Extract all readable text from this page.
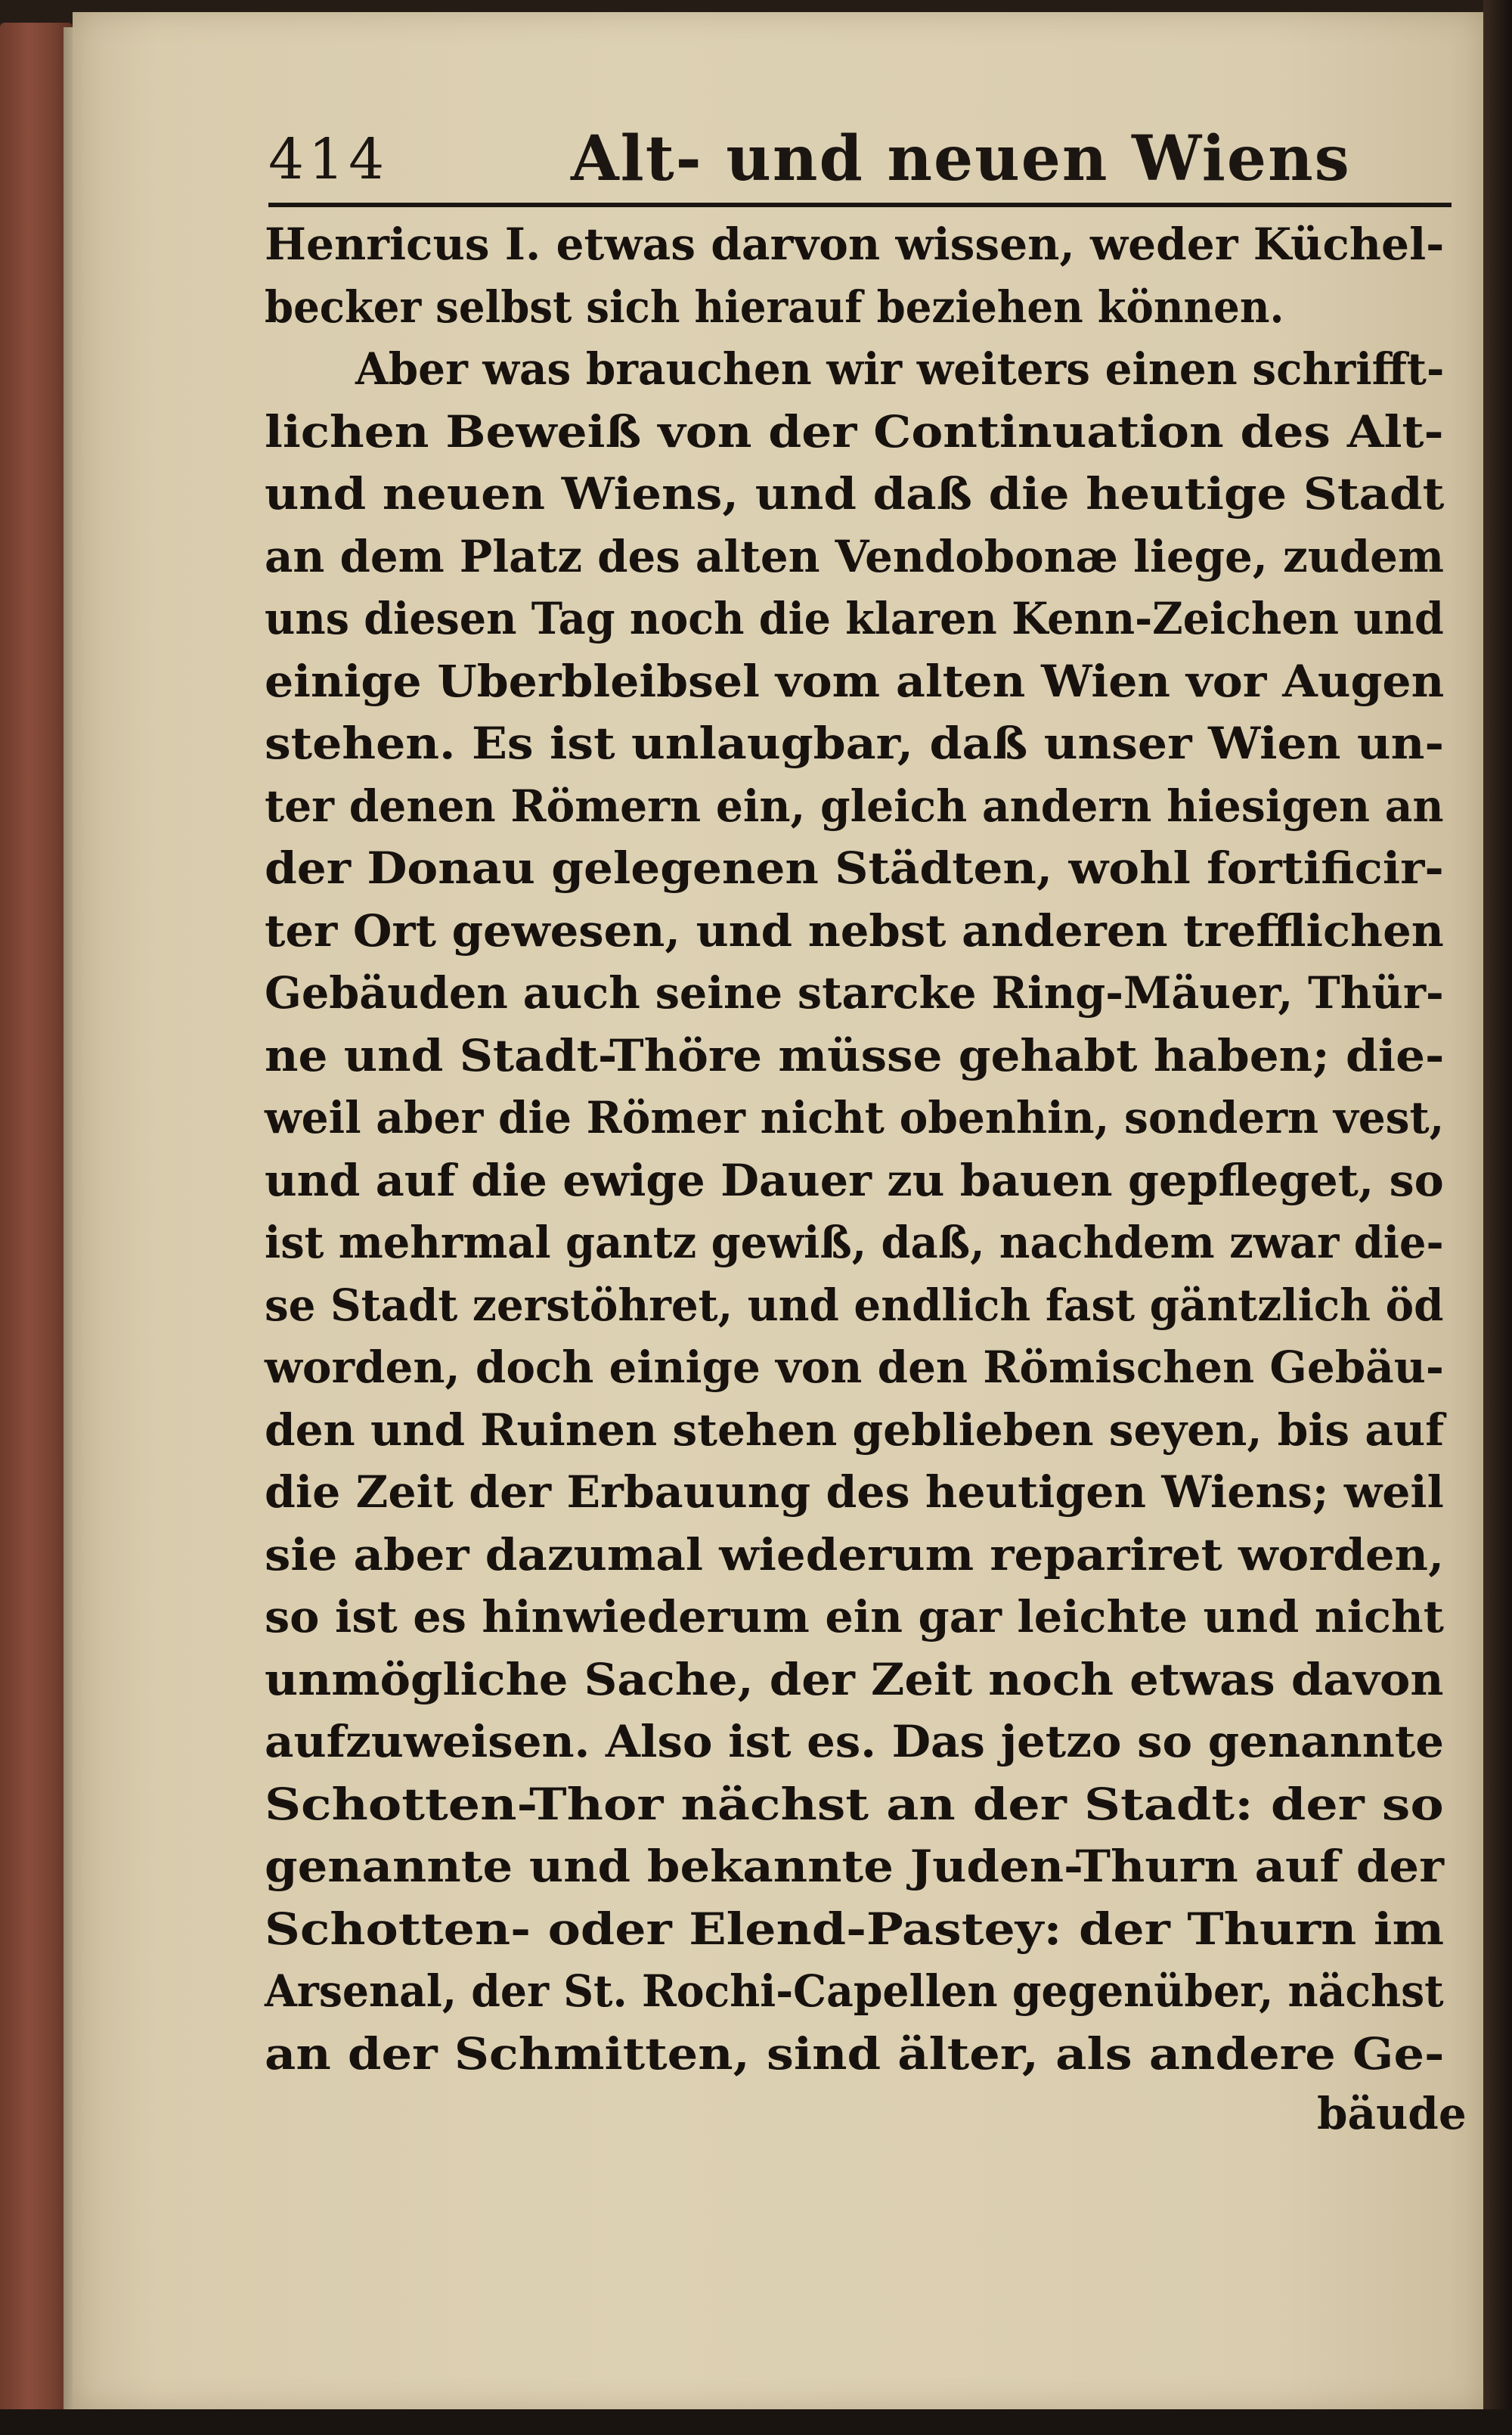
414	Alt- und neuen Wiens
Henricus I. etwas darvon wissen, weder Küchel-
becker selbst sich hierauf beziehen können.
Aber was brauchen wir weiters einen schrifft-
lichen Beweiß von der Continuation des Alt-
und neuen Wiens, und daß die heutige Stadt
an dem Platz des alten Vendobonæ liege, zudem
uns diesen Tag noch die klaren Kenn-Zeichen und
einige Uberbleibsel vom alten Wien vor Augen
stehen. Es ist unlaugbar, daß unser Wien un-
ter denen Römern ein, gleich andern hiesigen an
der Donau gelegenen Städten, wohl fortificir-
ter Ort gewesen, und nebst anderen trefflichen
Gebäuden auch seine starcke Ring-Mäuer, Thür-
ne und Stadt-Thöre müsse gehabt haben; die-
weil aber die Römer nicht obenhin, sondern vest,
und auf die ewige Dauer zu bauen gepfleget, so
ist mehrmal gantz gewiß, daß, nachdem zwar die-
se Stadt zerstöhret, und endlich fast gäntzlich öd
worden, doch einige von den Römischen Gebäu-
den und Ruinen stehen geblieben seyen, bis auf
die Zeit der Erbauung des heutigen Wiens; weil
sie aber dazumal wiederum repariret worden,
so ist es hinwiederum ein gar leichte und nicht
unmögliche Sache, der Zeit noch etwas davon
aufzuweisen. Also ist es. Das jetzo so genannte
Schotten-Thor nächst an der Stadt: der so
genannte und bekannte Juden-Thurn auf der
Schotten- oder Elend-Pastey: der Thurn im
Arsenal, der St. Rochi-Capellen gegenüber, nächst
an der Schmitten, sind älter, als andere Ge-
bäude
